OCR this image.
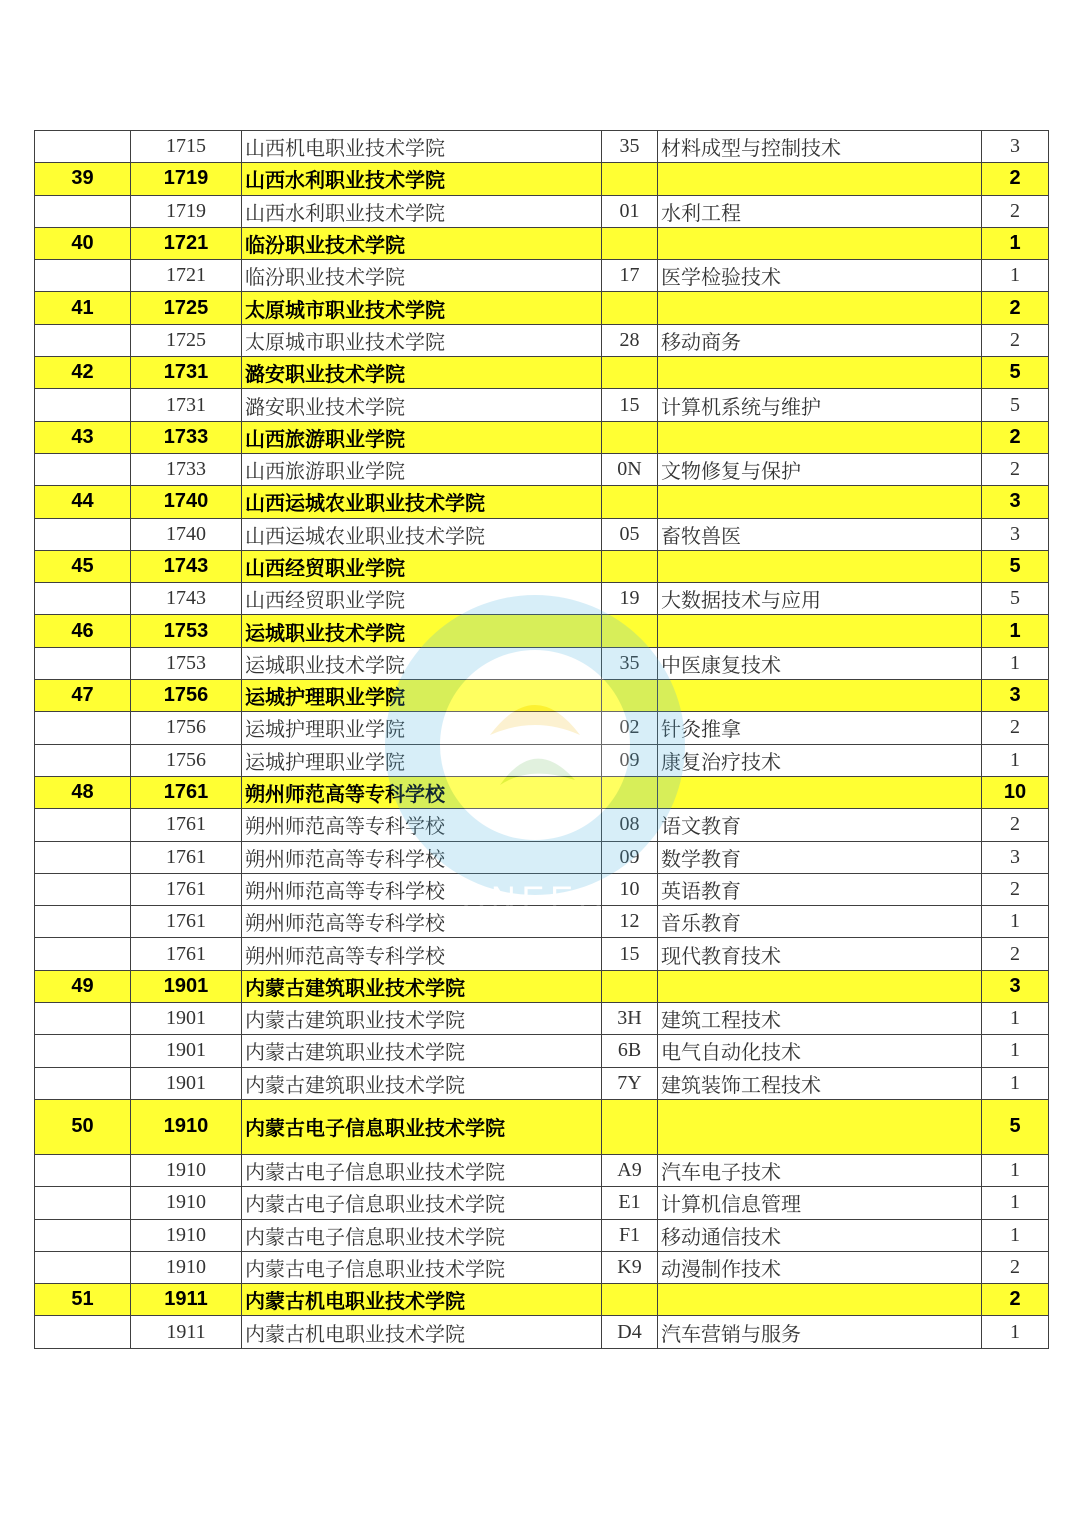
	1715	山西机电职业技术学院	35	材料成型与控制技术	3
39	1719	山西水利职业技术学院			2
	1719	山西水利职业技术学院	01	水利工程	2
40	1721	临汾职业技术学院			1
	1721	临汾职业技术学院	17	医学检验技术	1
41	1725	太原城市职业技术学院			2
	1725	太原城市职业技术学院	28	移动商务	2
42	1731	潞安职业技术学院			5
	1731	潞安职业技术学院	15	计算机系统与维护	5
43	1733	山西旅游职业学院			2
	1733	山西旅游职业学院	0N	文物修复与保护	2
44	1740	山西运城农业职业技术学院			3
	1740	山西运城农业职业技术学院	05	畜牧兽医	3
45	1743	山西经贸职业学院			5
	1743	山西经贸职业学院	19	大数据技术与应用	5
46	1753	运城职业技术学院			1
	1753	运城职业技术学院	35	中医康复技术	1
47	1756	运城护理职业学院			3
	1756	运城护理职业学院	02	针灸推拿	2
	1756	运城护理职业学院	09	康复治疗技术	1
48	1761	朔州师范高等专科学校			10
	1761	朔州师范高等专科学校	08	语文教育	2
	1761	朔州师范高等专科学校	09	数学教育	3
	1761	朔州师范高等专科学校	10	英语教育	2
	1761	朔州师范高等专科学校	12	音乐教育	1
	1761	朔州师范高等专科学校	15	现代教育技术	2
49	1901	内蒙古建筑职业技术学院			3
	1901	内蒙古建筑职业技术学院	3H	建筑工程技术	1
	1901	内蒙古建筑职业技术学院	6B	电气自动化技术	1
	1901	内蒙古建筑职业技术学院	7Y	建筑装饰工程技术	1
50	1910	内蒙古电子信息职业技术学院			5
	1910	内蒙古电子信息职业技术学院	A9	汽车电子技术	1
	1910	内蒙古电子信息职业技术学院	E1	计算机信息管理	1
	1910	内蒙古电子信息职业技术学院	F1	移动通信技术	1
	1910	内蒙古电子信息职业技术学院	K9	动漫制作技术	2
51	1911	内蒙古机电职业技术学院			2
	1911	内蒙古机电职业技术学院	D4	汽车营销与服务	1
SNEEA
